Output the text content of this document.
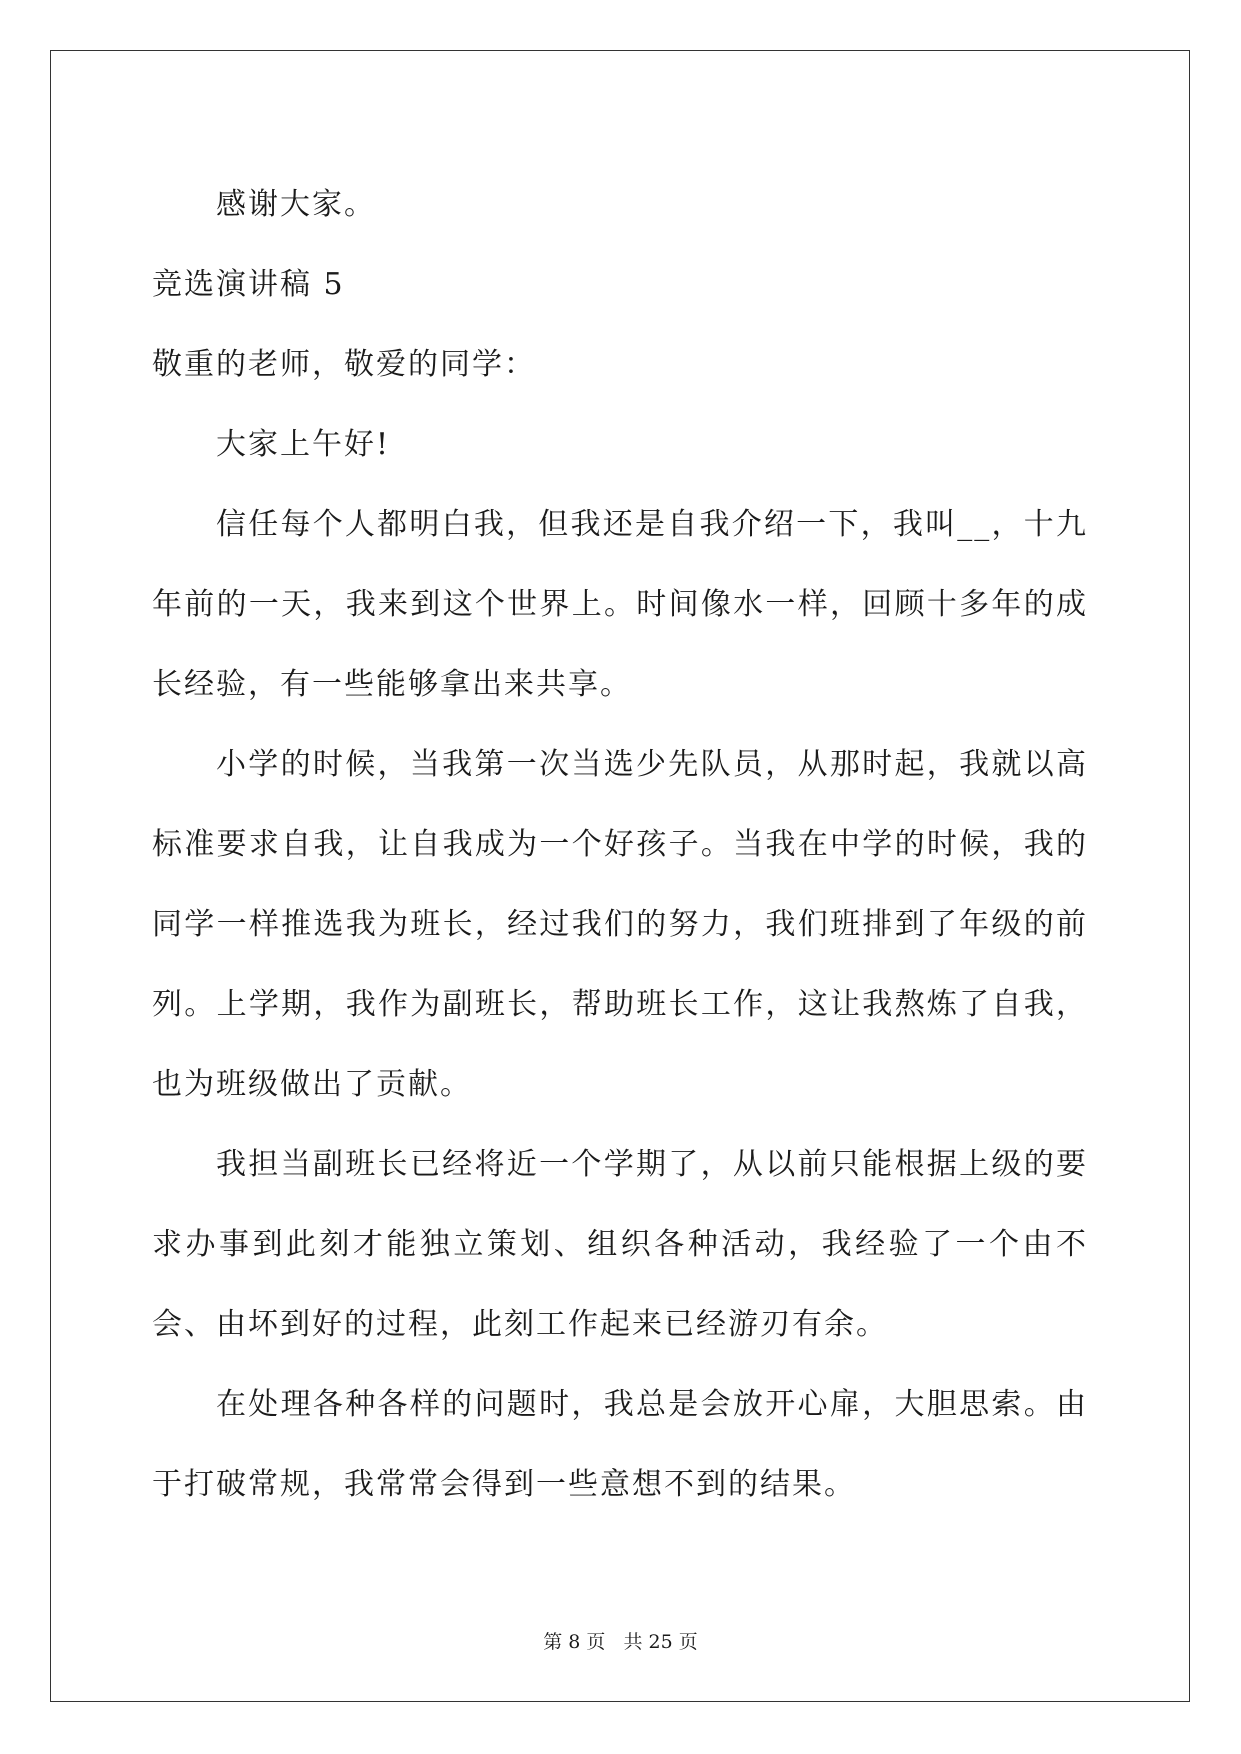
感谢大家。

竞选演讲稿 5

敬重的老师，敬爱的同学：

大家上午好!

信任每个人都明白我，但我还是自我介绍一下，我叫__，十九年前的一天，我来到这个世界上。时间像水一样，回顾十多年的成长经验，有一些能够拿出来共享。

小学的时候，当我第一次当选少先队员，从那时起，我就以高标准要求自我，让自我成为一个好孩子。当我在中学的时候，我的同学一样推选我为班长，经过我们的努力，我们班排到了年级的前列。上学期，我作为副班长，帮助班长工作，这让我熬炼了自我，也为班级做出了贡献。

我担当副班长已经将近一个学期了，从以前只能根据上级的要求办事到此刻才能独立策划、组织各种活动，我经验了一个由不会、由坏到好的过程，此刻工作起来已经游刃有余。

在处理各种各样的问题时，我总是会放开心扉，大胆思索。由于打破常规，我常常会得到一些意想不到的结果。

第 8 页 共 25 页
